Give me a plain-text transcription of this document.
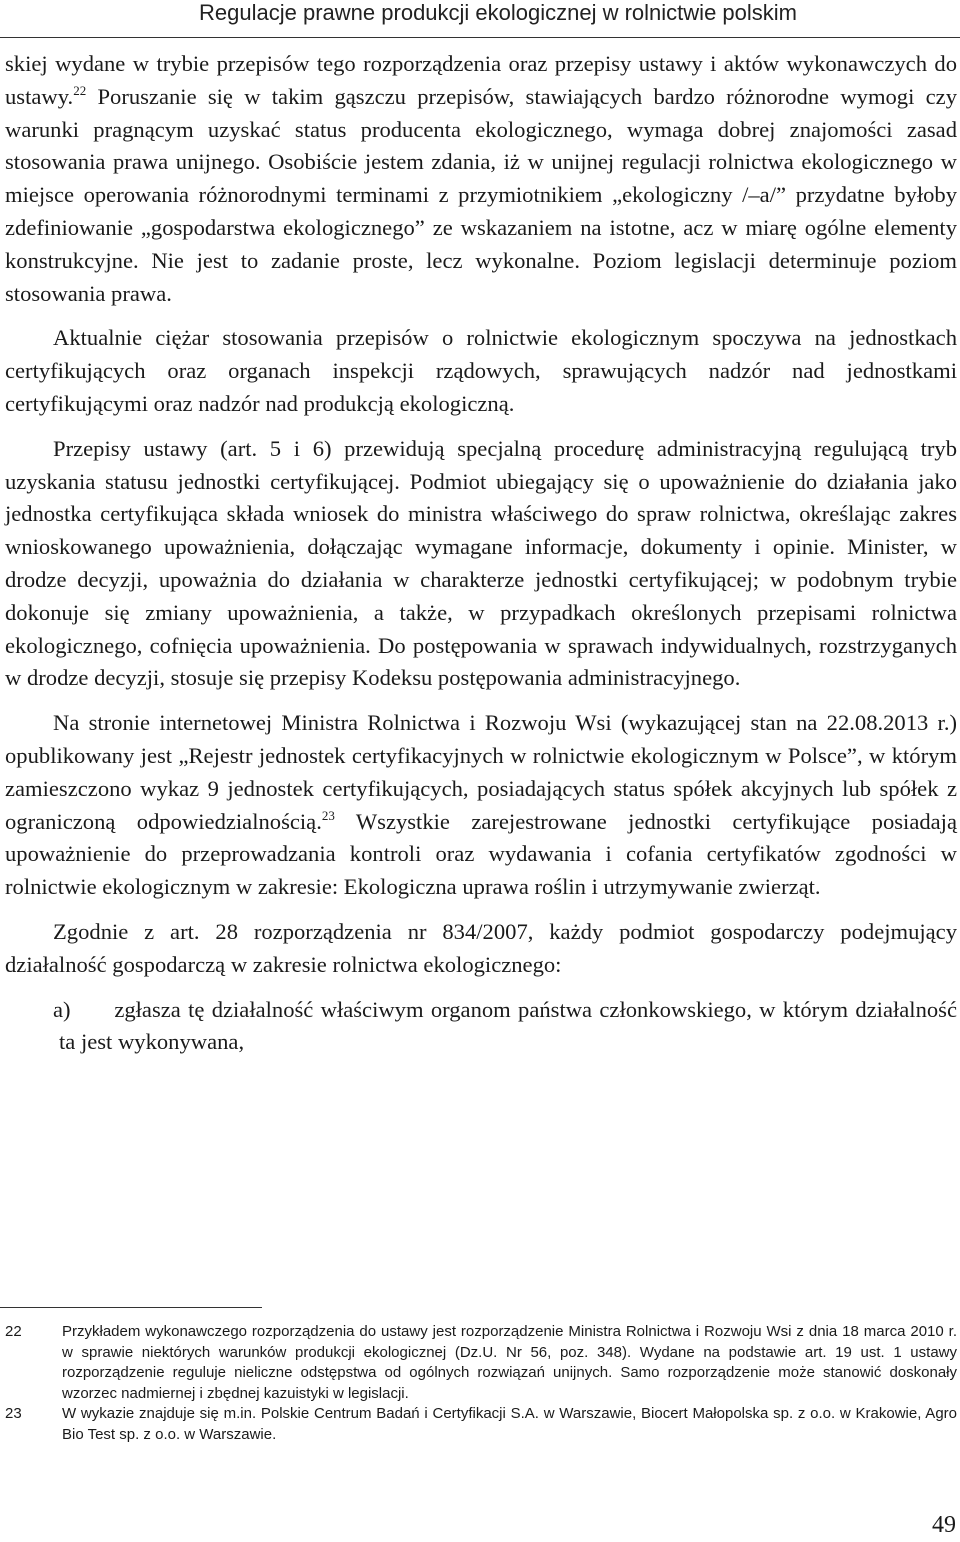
Regulacje prawne produkcji ekologicznej w rolnictwie polskim

skiej wydane w trybie przepisów tego rozporządzenia oraz przepisy ustawy i aktów wykonawczych do ustawy.$^{22}$ Poruszanie się w takim gąszczu przepisów, stawiających bardzo różnorodne wymogi czy warunki pragnącym uzyskać status producenta ekologicznego, wymaga dobrej znajomości zasad stosowania prawa unijnego. Osobiście jestem zdania, iż w unijnej regulacji rolnictwa ekologicznego w miejsce operowania różnorodnymi terminami z przymiotnikiem „ekologiczny /–a/” przydatne byłoby zdefiniowanie „gospodarstwa ekologicznego” ze wskazaniem na istotne, acz w miarę ogólne elementy konstrukcyjne. Nie jest to zadanie proste, lecz wykonalne. Poziom legislacji determinuje poziom stosowania prawa.

Aktualnie ciężar stosowania przepisów o rolnictwie ekologicznym spoczywa na jednostkach certyfikujących oraz organach inspekcji rządowych, sprawujących nadzór nad jednostkami certyfikującymi oraz nadzór nad produkcją ekologiczną.

Przepisy ustawy (art. 5 i 6) przewidują specjalną procedurę administracyjną regulującą tryb uzyskania statusu jednostki certyfikującej. Podmiot ubiegający się o upoważnienie do działania jako jednostka certyfikująca składa wniosek do ministra właściwego do spraw rolnictwa, określając zakres wnioskowanego upoważnienia, dołączając wymagane informacje, dokumenty i opinie. Minister, w drodze decyzji, upoważnia do działania w charakterze jednostki certyfikującej; w podobnym trybie dokonuje się zmiany upoważnienia, a także, w przypadkach określonych przepisami rolnictwa ekologicznego, cofnięcia upoważnienia. Do postępowania w sprawach indywidualnych, rozstrzyganych w drodze decyzji, stosuje się przepisy Kodeksu postępowania administracyjnego.

Na stronie internetowej Ministra Rolnictwa i Rozwoju Wsi (wykazującej stan na 22.08.2013 r.) opublikowany jest „Rejestr jednostek certyfikacyjnych w rolnictwie ekologicznym w Polsce”, w którym zamieszczono wykaz 9 jednostek certyfikujących, posiadających status spółek akcyjnych lub spółek z ograniczoną odpowiedzialnością.$^{23}$ Wszystkie zarejestrowane jednostki certyfikujące posiadają upoważnienie do przeprowadzania kontroli oraz wydawania i cofania certyfikatów zgodności w rolnictwie ekologicznym w zakresie: Ekologiczna uprawa roślin i utrzymywanie zwierząt.

Zgodnie z art. 28 rozporządzenia nr 834/2007, każdy podmiot gospodarczy podejmujący działalność gospodarczą w zakresie rolnictwa ekologicznego:

a) zgłasza tę działalność właściwym organom państwa członkowskiego, w którym działalność ta jest wykonywana,

22	Przykładem wykonawczego rozporządzenia do ustawy jest rozporządzenie Ministra Rolnictwa i Rozwoju Wsi z dnia 18 marca 2010 r. w sprawie niektórych warunków produkcji ekologicznej (Dz.U. Nr 56, poz. 348). Wydane na podstawie art. 19 ust. 1 ustawy rozporządzenie reguluje nieliczne odstępstwa od ogólnych rozwiązań unijnych. Samo rozporządzenie może stanowić doskonały wzorzec nadmiernej i zbędnej kazuistyki w legislacji.

23	W wykazie znajduje się m.in. Polskie Centrum Badań i Certyfikacji S.A. w Warszawie, Biocert Małopolska sp. z o.o. w Krakowie, Agro Bio Test sp. z o.o. w Warszawie.

49
